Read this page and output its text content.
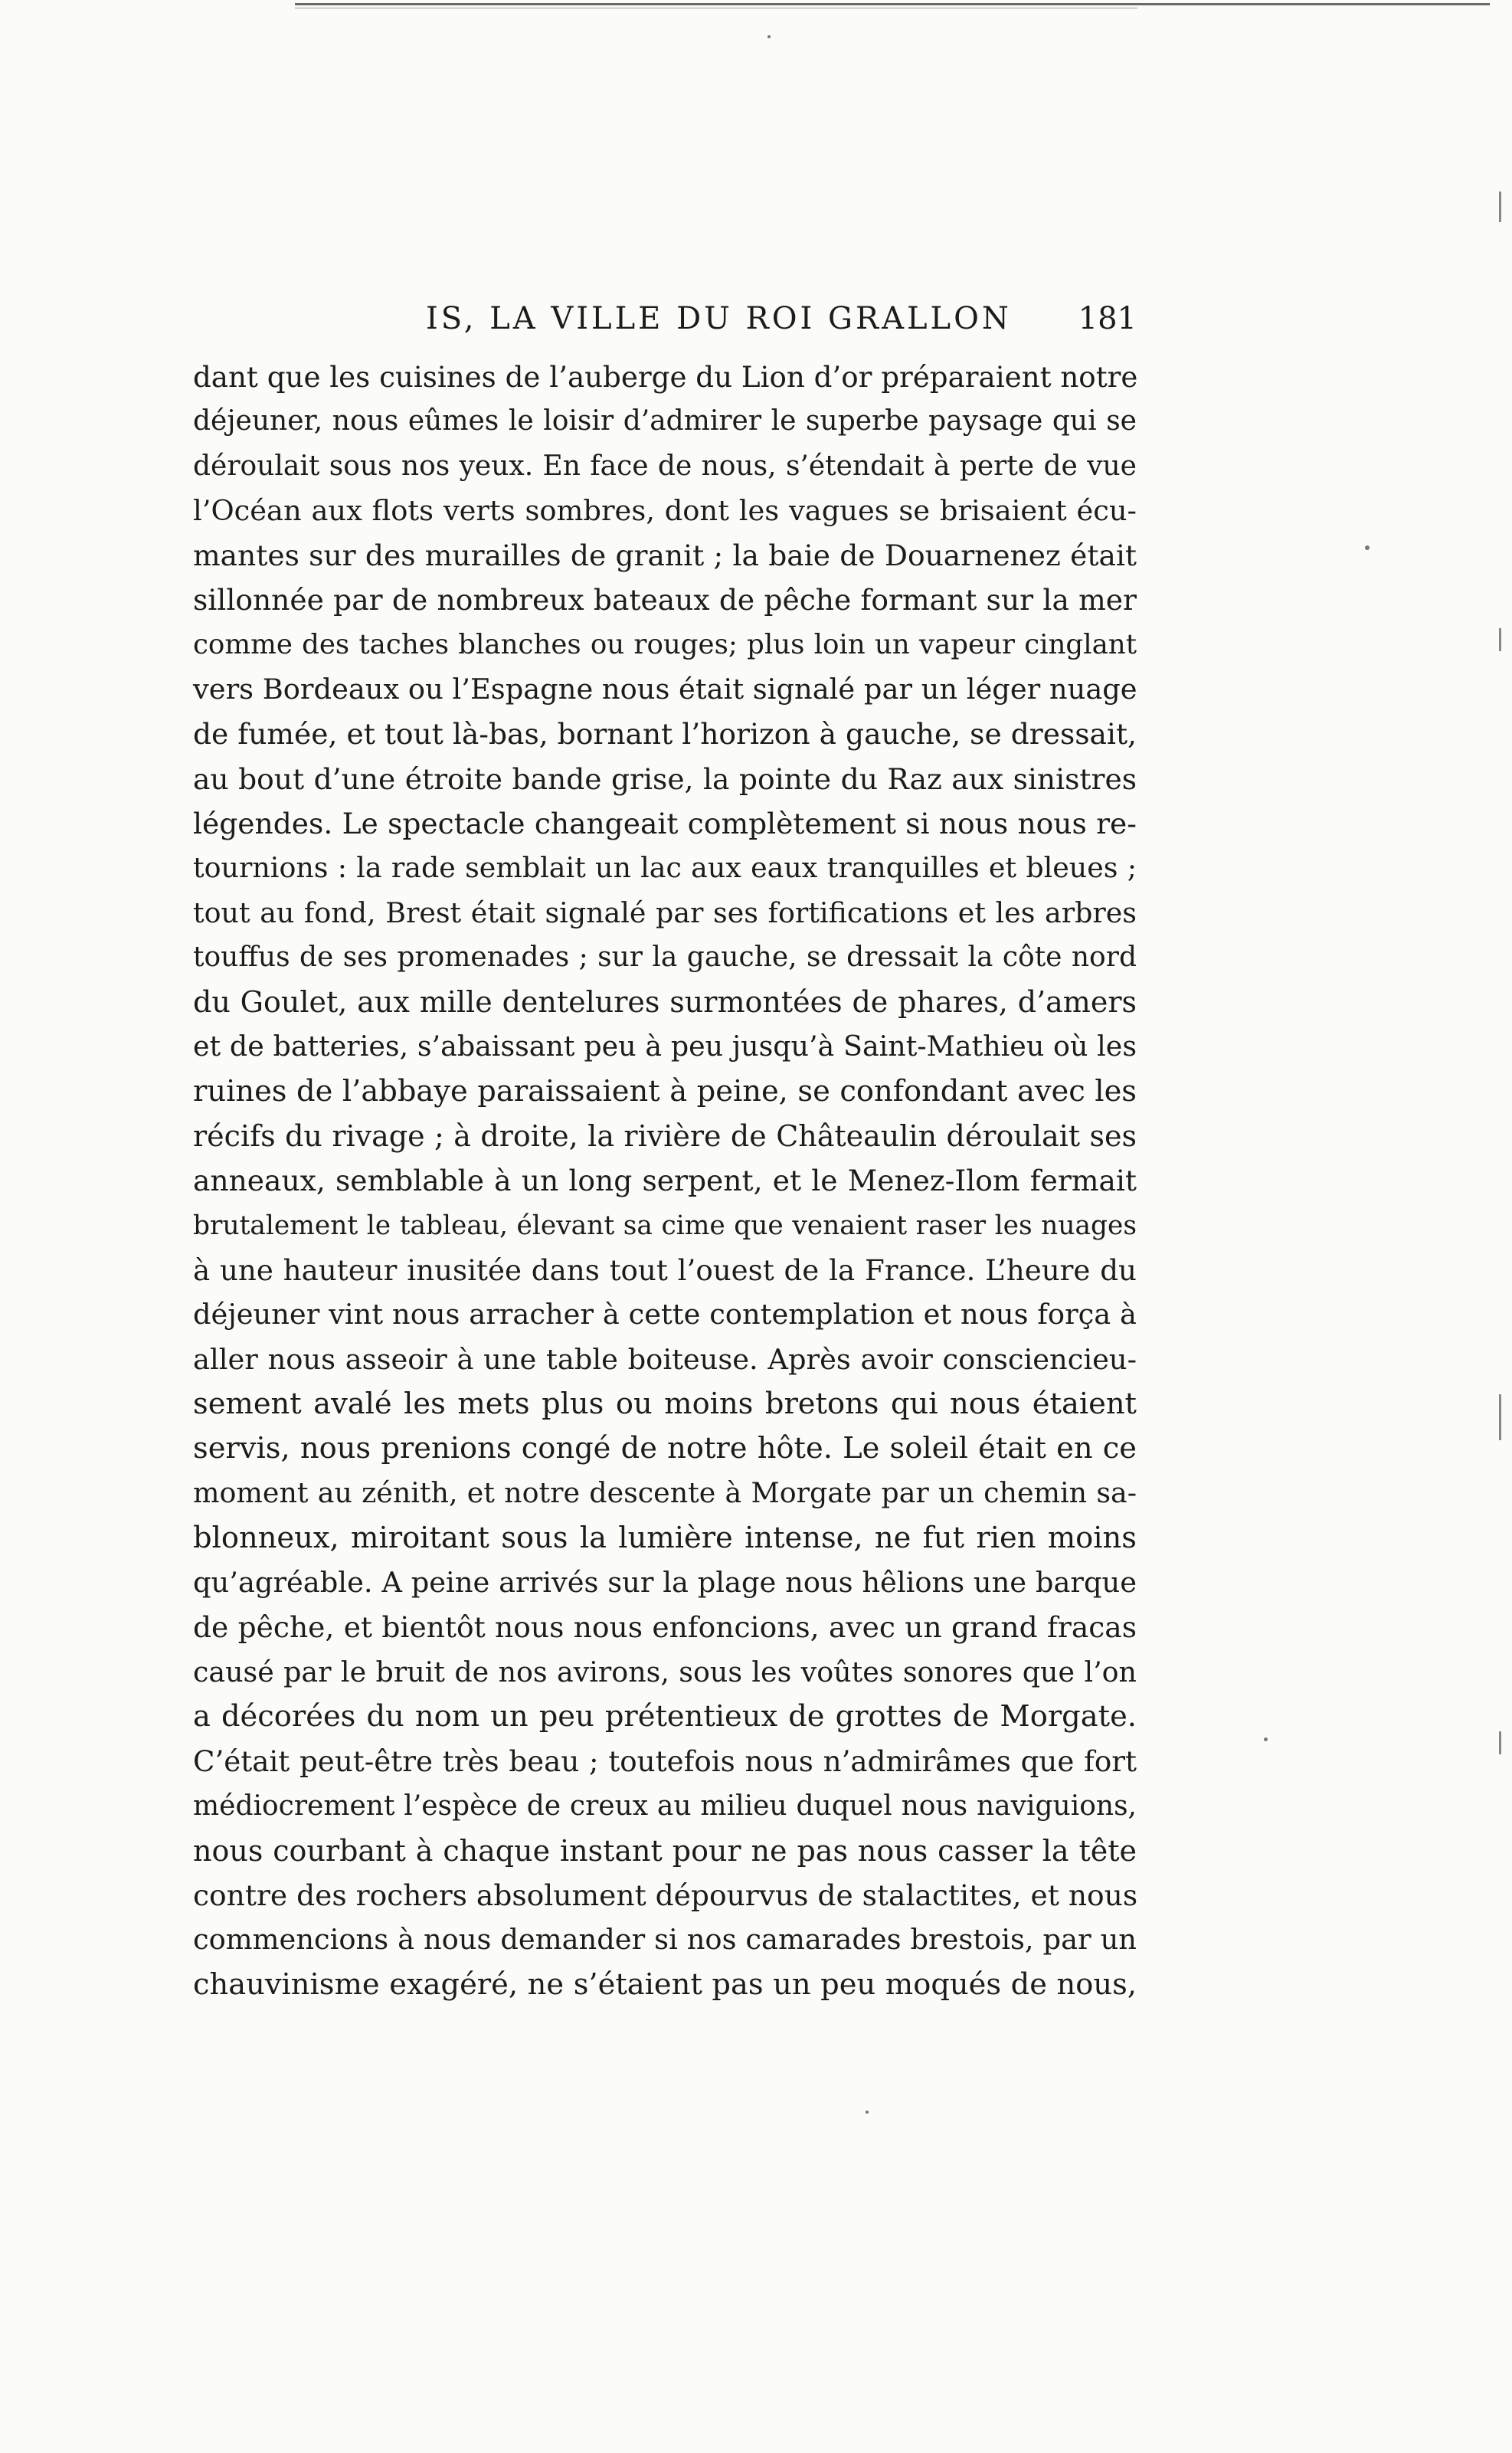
IS, LA VILLE DU ROI GRALLON 181
dant que les cuisines de l’auberge du Lion d’or préparaient notre
déjeuner, nous eûmes le loisir d’admirer le superbe paysage qui se
déroulait sous nos yeux. En face de nous, s’étendait à perte de vue
l’Océan aux flots verts sombres, dont les vagues se brisaient écu-
mantes sur des murailles de granit ; la baie de Douarnenez était
sillonnée par de nombreux bateaux de pêche formant sur la mer
comme des taches blanches ou rouges; plus loin un vapeur cinglant
vers Bordeaux ou l’Espagne nous était signalé par un léger nuage
de fumée, et tout là-bas, bornant l’horizon à gauche, se dressait,
au bout d’une étroite bande grise, la pointe du Raz aux sinistres
légendes. Le spectacle changeait complètement si nous nous re-
tournions : la rade semblait un lac aux eaux tranquilles et bleues ;
tout au fond, Brest était signalé par ses fortifications et les arbres
touffus de ses promenades ; sur la gauche, se dressait la côte nord
du Goulet, aux mille dentelures surmontées de phares, d’amers
et de batteries, s’abaissant peu à peu jusqu’à Saint-Mathieu où les
ruines de l’abbaye paraissaient à peine, se confondant avec les
récifs du rivage ; à droite, la rivière de Châteaulin déroulait ses
anneaux, semblable à un long serpent, et le Menez-Ilom fermait
brutalement le tableau, élevant sa cime que venaient raser les nuages
à une hauteur inusitée dans tout l’ouest de la France. L’heure du
déjeuner vint nous arracher à cette contemplation et nous força à
aller nous asseoir à une table boiteuse. Après avoir consciencieu-
sement avalé les mets plus ou moins bretons qui nous étaient
servis, nous prenions congé de notre hôte. Le soleil était en ce
moment au zénith, et notre descente à Morgate par un chemin sa-
blonneux, miroitant sous la lumière intense, ne fut rien moins
qu’agréable. A peine arrivés sur la plage nous hêlions une barque
de pêche, et bientôt nous nous enfoncions, avec un grand fracas
causé par le bruit de nos avirons, sous les voûtes sonores que l’on
a décorées du nom un peu prétentieux de grottes de Morgate.
C’était peut-être très beau ; toutefois nous n’admirâmes que fort
médiocrement l’espèce de creux au milieu duquel nous naviguions,
nous courbant à chaque instant pour ne pas nous casser la tête
contre des rochers absolument dépourvus de stalactites, et nous
commencions à nous demander si nos camarades brestois, par un
chauvinisme exagéré, ne s’étaient pas un peu moqués de nous,
